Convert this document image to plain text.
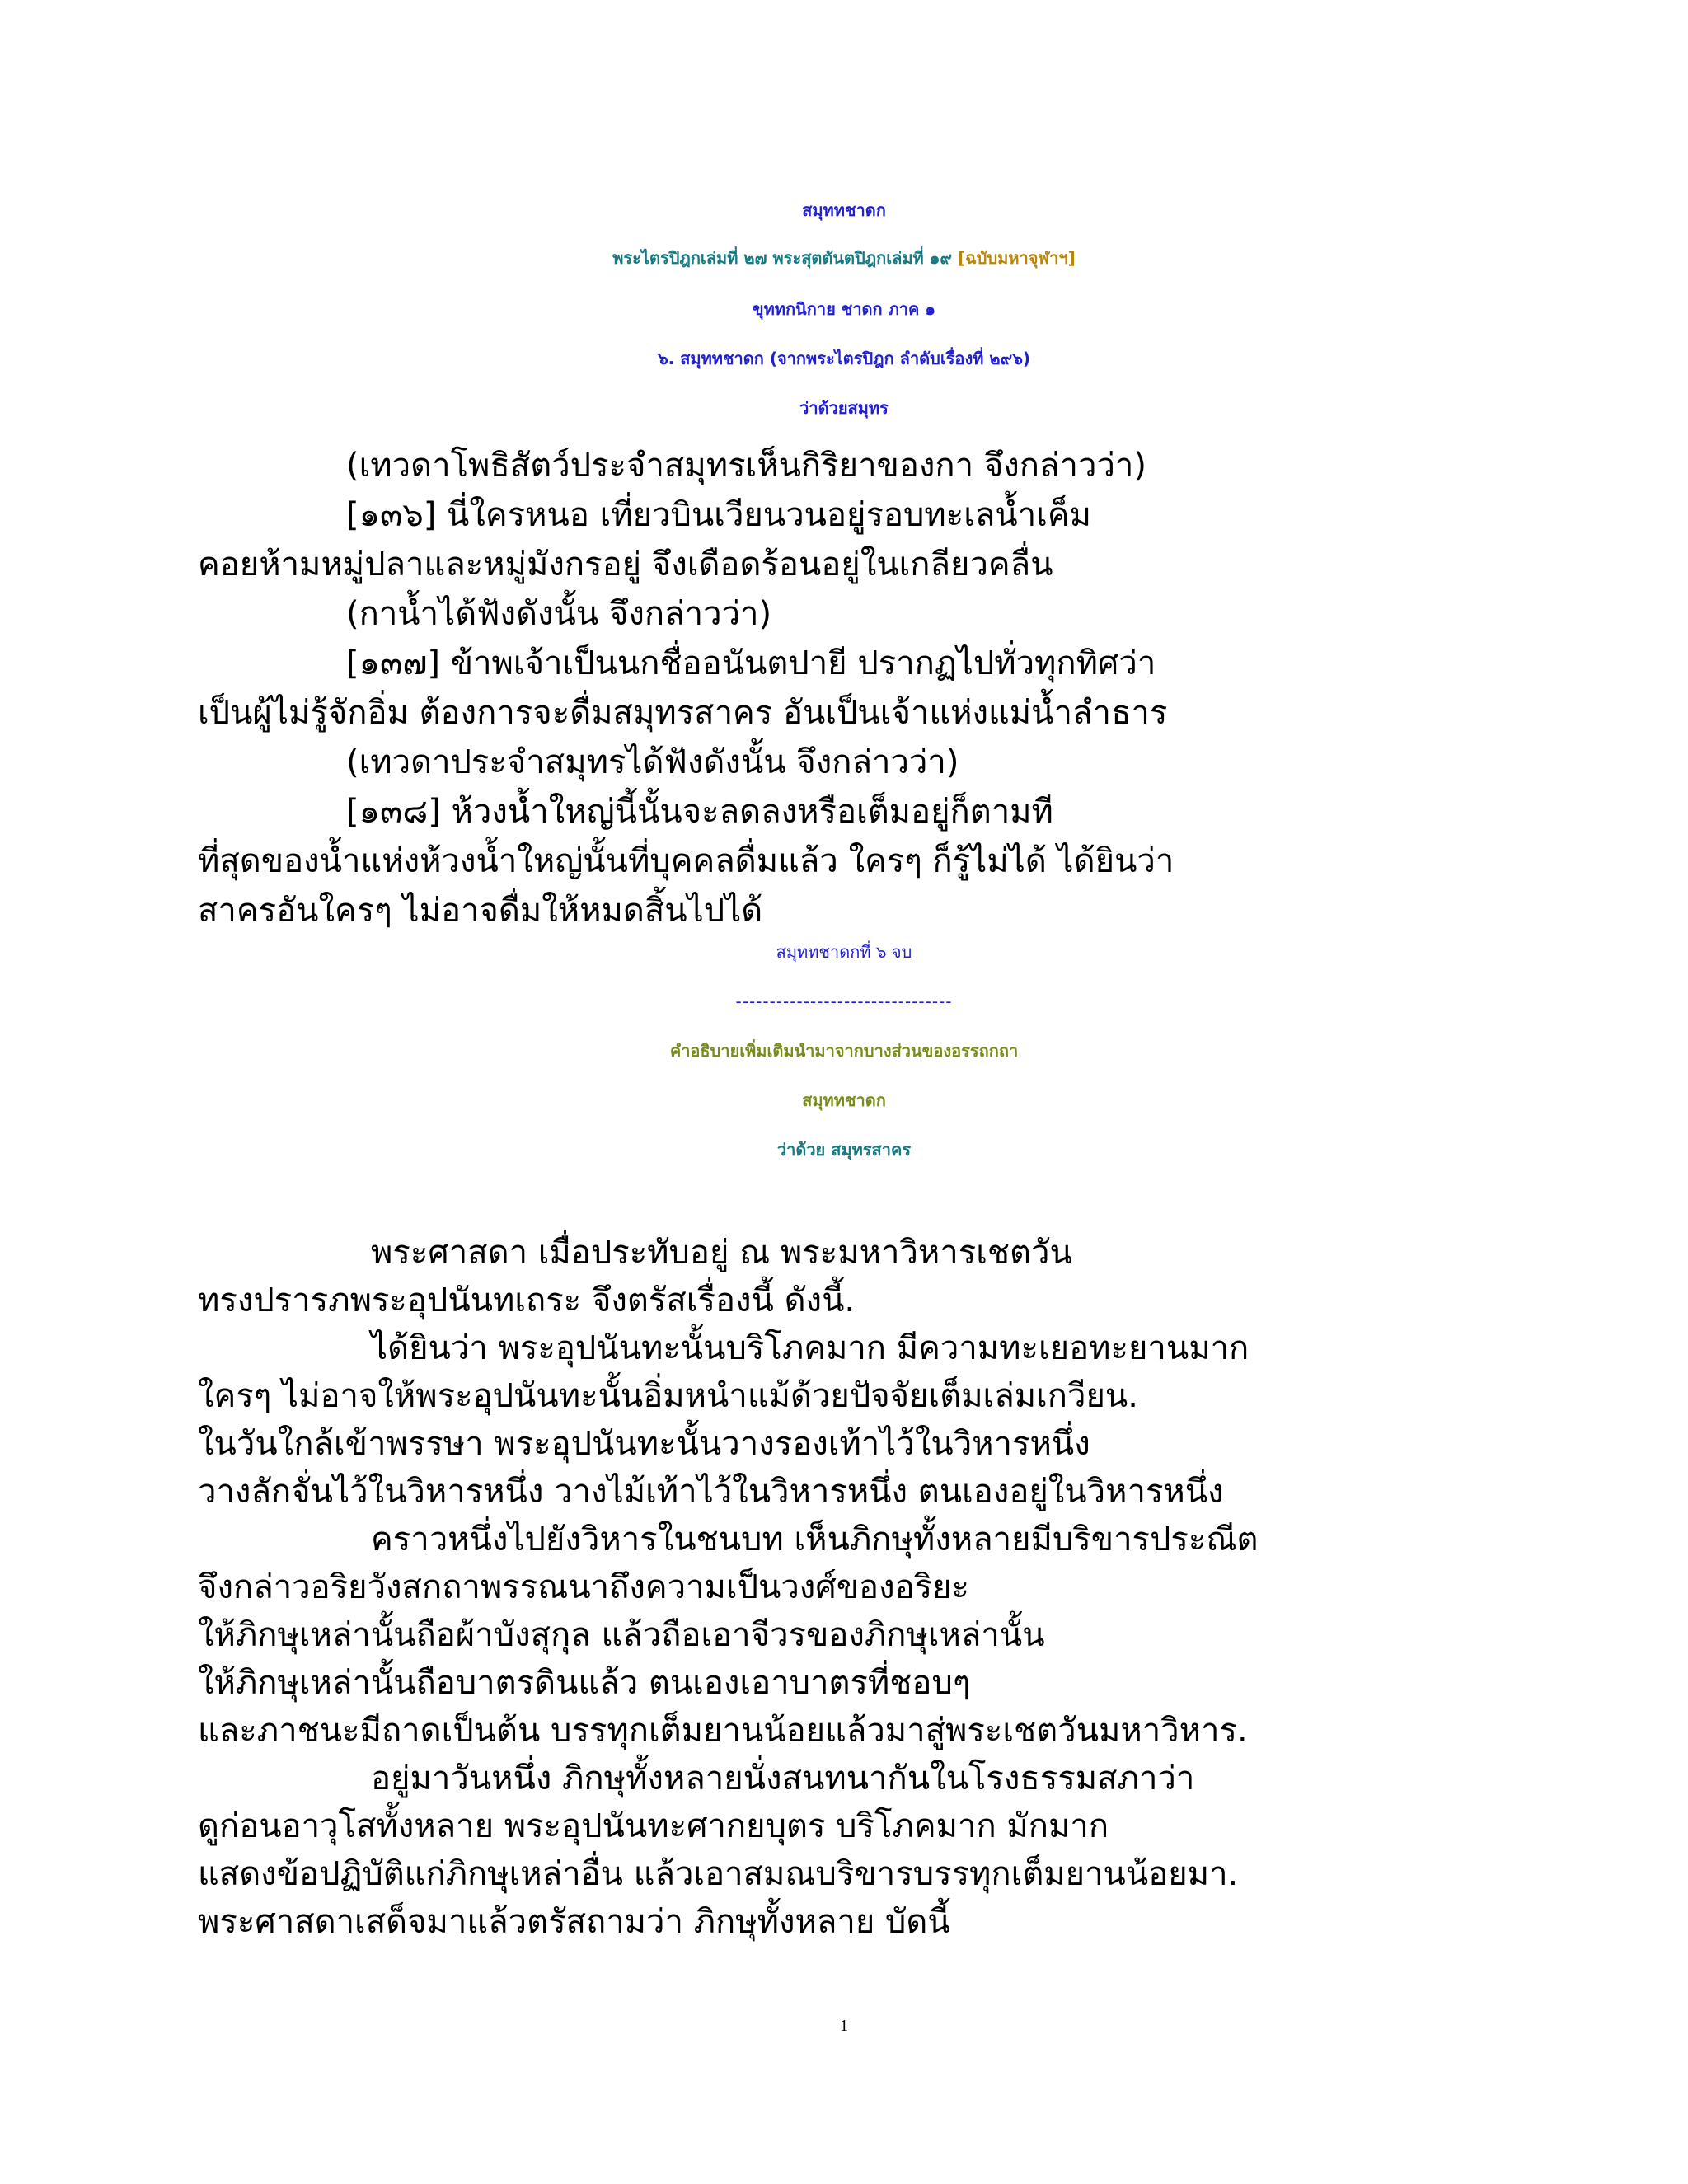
สมุททชาดก
พระไตรปิฎกเล่มที่ ๒๗ พระสุตตันตปิฎกเล่มที่ ๑๙ [ฉบับมหาจุฬาฯ]
ขุททกนิกาย ชาดก ภาค ๑
๖. สมุททชาดก (จากพระไตรปิฎก ลำดับเรื่องที่ ๒๙๖)
ว่าด้วยสมุทร
(เทวดาโพธิสัตว์ประจำสมุทรเห็นกิริยาของกา จึงกล่าวว่า)
[๑๓๖] นี่ใครหนอ เที่ยวบินเวียนวนอยู่รอบทะเลน้ำเค็ม
คอยห้ามหมู่ปลาและหมู่มังกรอยู่ จึงเดือดร้อนอยู่ในเกลียวคลื่น
(กาน้ำได้ฟังดังนั้น จึงกล่าวว่า)
[๑๓๗] ข้าพเจ้าเป็นนกชื่ออนันตปายี ปรากฏไปทั่วทุกทิศว่า
เป็นผู้ไม่รู้จักอิ่ม ต้องการจะดื่มสมุทรสาคร อันเป็นเจ้าแห่งแม่น้ำลำธาร
(เทวดาประจำสมุทรได้ฟังดังนั้น จึงกล่าวว่า)
[๑๓๘] ห้วงน้ำใหญ่นี้นั้นจะลดลงหรือเต็มอยู่ก็ตามที
ที่สุดของน้ำแห่งห้วงน้ำใหญ่นั้นที่บุคคลดื่มแล้ว ใครๆ ก็รู้ไม่ได้ ได้ยินว่า
สาครอันใครๆ ไม่อาจดื่มให้หมดสิ้นไปได้
สมุททชาดกที่ ๖ จบ
--------------------------------
คำอธิบายเพิ่มเติมนำมาจากบางส่วนของอรรถกถา
สมุททชาดก
ว่าด้วย สมุทรสาคร
พระศาสดา เมื่อประทับอยู่ ณ พระมหาวิหารเชตวัน
ทรงปรารภพระอุปนันทเถระ จึงตรัสเรื่องนี้ ดังนี้.
ได้ยินว่า พระอุปนันทะนั้นบริโภคมาก มีความทะเยอทะยานมาก
ใครๆ ไม่อาจให้พระอุปนันทะนั้นอิ่มหนำแม้ด้วยปัจจัยเต็มเล่มเกวียน.
ในวันใกล้เข้าพรรษา พระอุปนันทะนั้นวางรองเท้าไว้ในวิหารหนึ่ง
วางลักจั่นไว้ในวิหารหนึ่ง วางไม้เท้าไว้ในวิหารหนึ่ง ตนเองอยู่ในวิหารหนึ่ง
คราวหนึ่งไปยังวิหารในชนบท เห็นภิกษุทั้งหลายมีบริขารประณีต
จึงกล่าวอริยวังสกถาพรรณนาถึงความเป็นวงศ์ของอริยะ
ให้ภิกษุเหล่านั้นถือผ้าบังสุกุล แล้วถือเอาจีวรของภิกษุเหล่านั้น
ให้ภิกษุเหล่านั้นถือบาตรดินแล้ว ตนเองเอาบาตรที่ชอบๆ
และภาชนะมีถาดเป็นต้น บรรทุกเต็มยานน้อยแล้วมาสู่พระเชตวันมหาวิหาร.
อยู่มาวันหนึ่ง ภิกษุทั้งหลายนั่งสนทนากันในโรงธรรมสภาว่า
ดูก่อนอาวุโสทั้งหลาย พระอุปนันทะศากยบุตร บริโภคมาก มักมาก
แสดงข้อปฏิบัติแก่ภิกษุเหล่าอื่น แล้วเอาสมณบริขารบรรทุกเต็มยานน้อยมา.
พระศาสดาเสด็จมาแล้วตรัสถามว่า ภิกษุทั้งหลาย บัดนี้
1
